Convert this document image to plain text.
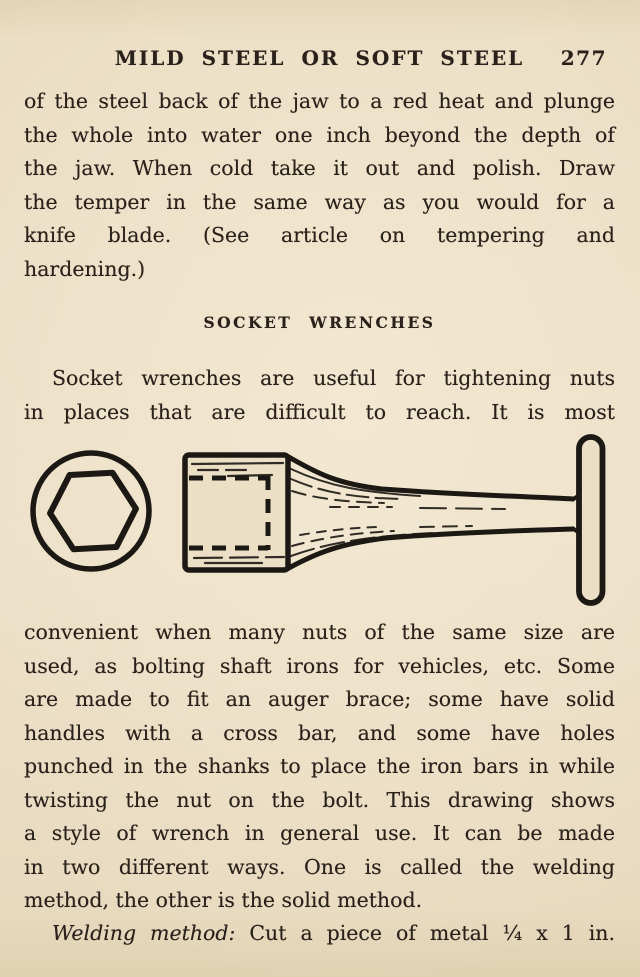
MILD STEEL OR SOFT STEEL	277
of the steel back of the jaw to a red heat and plunge
the whole into water one inch beyond the depth of
the jaw. When cold take it out and polish. Draw
the temper in the same way as you would for a
knife blade. (See article on tempering and
hardening.)
SOCKET WRENCHES
Socket wrenches are useful for tightening nuts
in places that are difficult to reach. It is most
convenient when many nuts of the same size are
used, as bolting shaft irons for vehicles, etc. Some
are made to fit an auger brace; some have solid
handles with a cross bar, and some have holes
punched in the shanks to place the iron bars in while
twisting the nut on the bolt. This drawing shows
a style of wrench in general use. It can be made
in two different ways. One is called the welding
method, the other is the solid method.
Welding method: Cut a piece of metal ¼ x 1 in.
